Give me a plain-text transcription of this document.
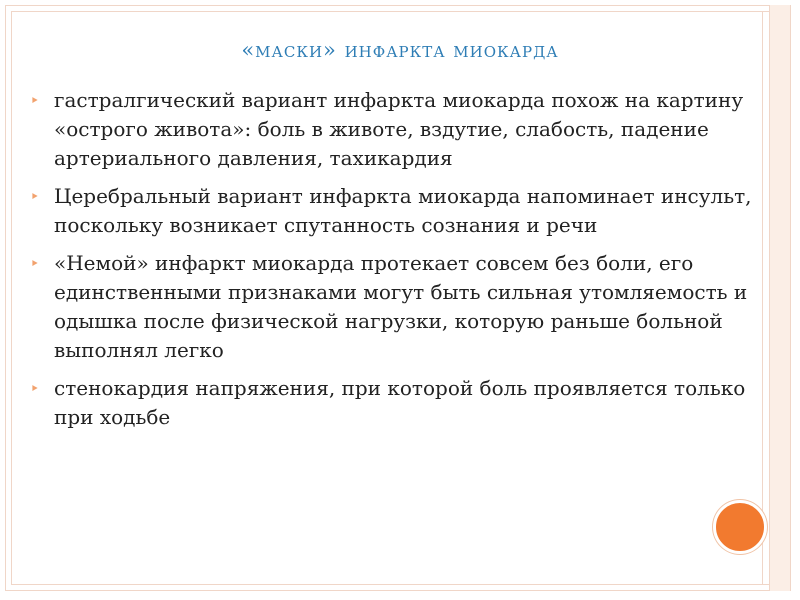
«маски» инфаркта миокарда
‣ гастралгический вариант инфаркта миокарда похож на картину «острого живота»: боль в животе, вздутие, слабость, падение артериального давления, тахикардия
‣ Церебральный вариант инфаркта миокарда напоминает инсульт, поскольку возникает спутанность сознания и речи
‣ «Немой» инфаркт миокарда протекает совсем без боли, его единственными признаками могут быть сильная утомляемость и одышка после физической нагрузки, которую раньше больной выполнял легко
‣ стенокардия напряжения, при которой боль проявляется только при ходьбе
